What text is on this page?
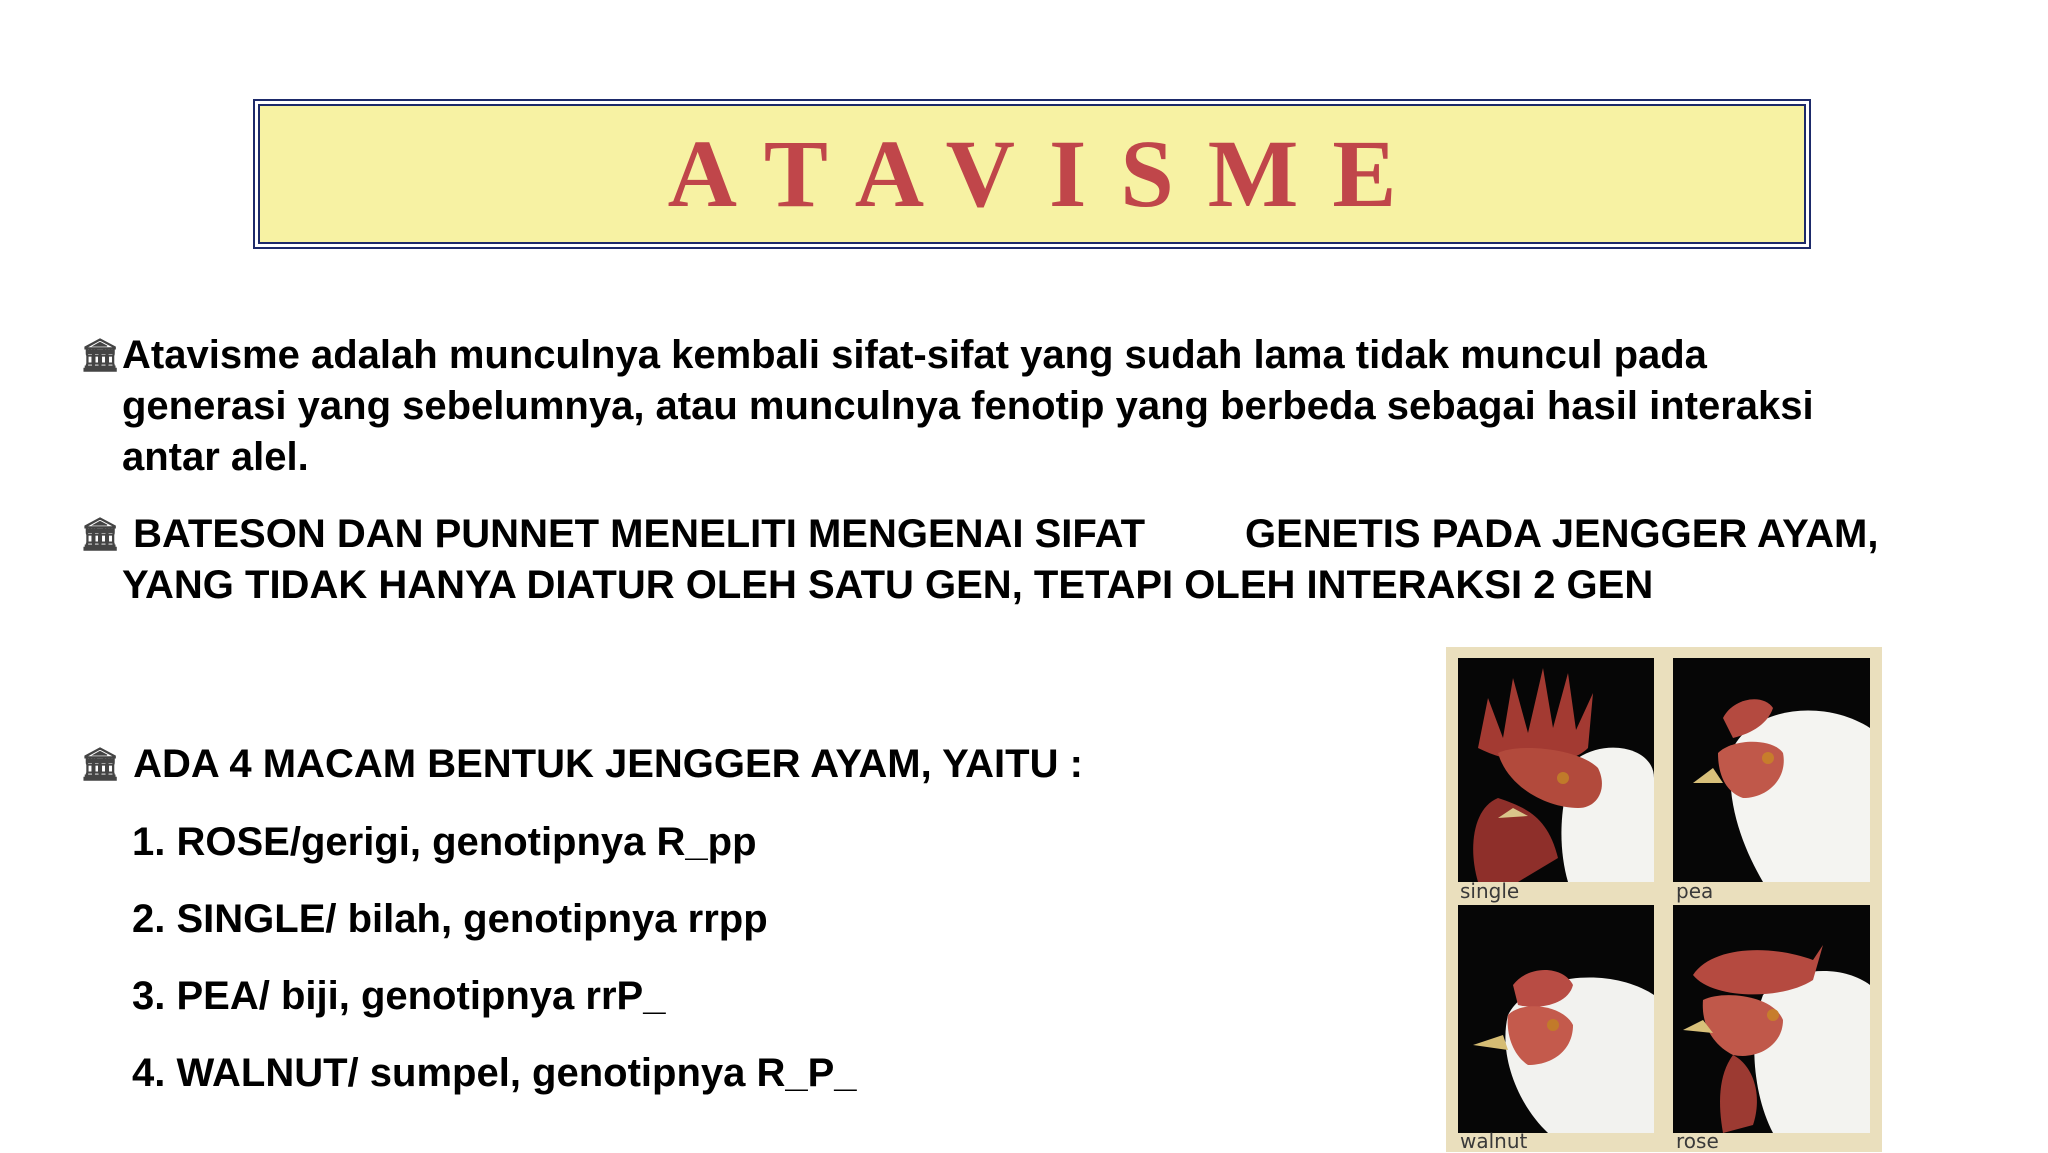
ATAVISME
🏛︎ Atavisme adalah munculnya kembali sifat-sifat yang sudah lama tidak muncul pada generasi yang sebelumnya, atau munculnya fenotip yang berbeda sebagai hasil interaksi antar alel.
🏛︎ BATESON DAN PUNNET MENELITI MENGENAI SIFAT	GENETIS PADA JENGGER AYAM, YANG TIDAK HANYA DIATUR OLEH SATU GEN, TETAPI OLEH INTERAKSI 2 GEN
🏛︎ ADA 4 MACAM BENTUK JENGGER AYAM, YAITU :
1. ROSE/gerigi, genotipnya R_pp
2. SINGLE/ bilah, genotipnya rrpp
3. PEA/ biji, genotipnya rrP_
4. WALNUT/ sumpel, genotipnya R_P_
single	pea
walnut	rose
